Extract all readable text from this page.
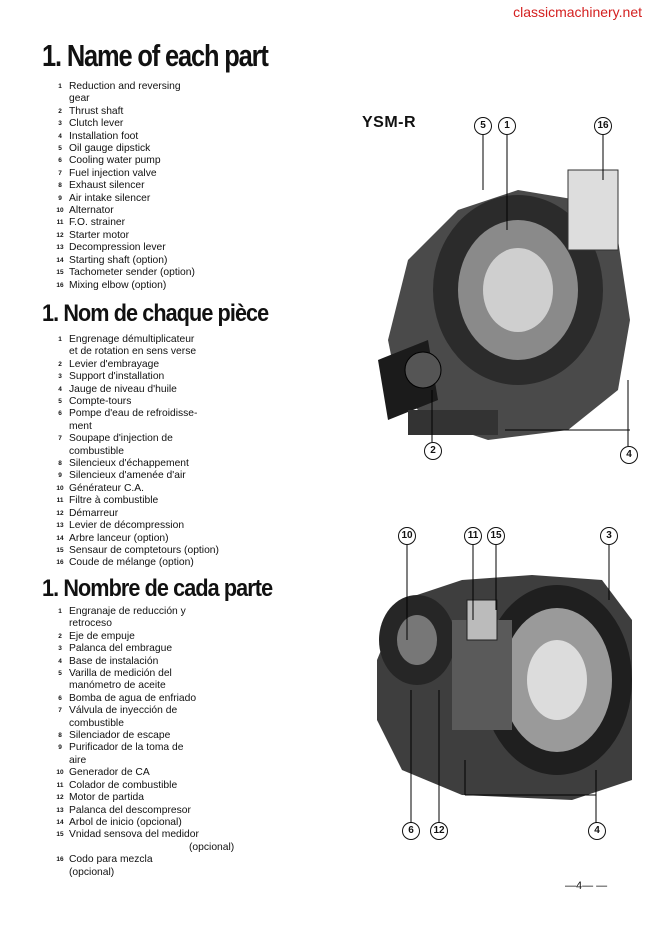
classicmachinery.net
1. Name of each part
1 Reduction and reversing
gear
2 Thrust shaft
3 Clutch lever
4 Installation foot
5 Oil gauge dipstick
6 Cooling water pump
7 Fuel injection valve
8 Exhaust silencer
9 Air intake silencer
10 Alternator
11 F.O. strainer
12 Starter motor
13 Decompression lever
14 Starting shaft (option)
15 Tachometer sender (option)
16 Mixing elbow (option)
1. Nom de chaque pièce
1 Engrenage démultiplicateur
et de rotation en sens verse
2 Levier d'embrayage
3 Support d'installation
4 Jauge de niveau d'huile
5 Compte-tours
6 Pompe d'eau de refroidisse-
ment
7 Soupape d'injection de
combustible
8 Silencieux d'échappement
9 Silencieux d'amenée d'air
10 Générateur C.A.
11 Filtre à combustible
12 Démarreur
13 Levier de décompression
14 Arbre lanceur (option)
15 Sensaur de comptetours (option)
16 Coude de mélange (option)
1. Nombre de cada parte
1 Engranaje de reducción y
retroceso
2 Eje de empuje
3 Palanca del embrague
4 Base de instalación
5 Varilla de medición del
manómetro de aceite
6 Bomba de agua de enfriado
7 Válvula de inyección de
combustible
8 Silenciador de escape
9 Purificador de la toma de
aire
10 Generador de CA
11 Colador de combustible
12 Motor de partida
13 Palanca del descompresor
14 Arbol de inicio (opcional)
15 Vnidad sensova del medidor
(opcional)
16 Codo para mezcla
(opcional)
YSM-R	5	1	16
2	4
10	11	15	3
6	12	4
—4— —
